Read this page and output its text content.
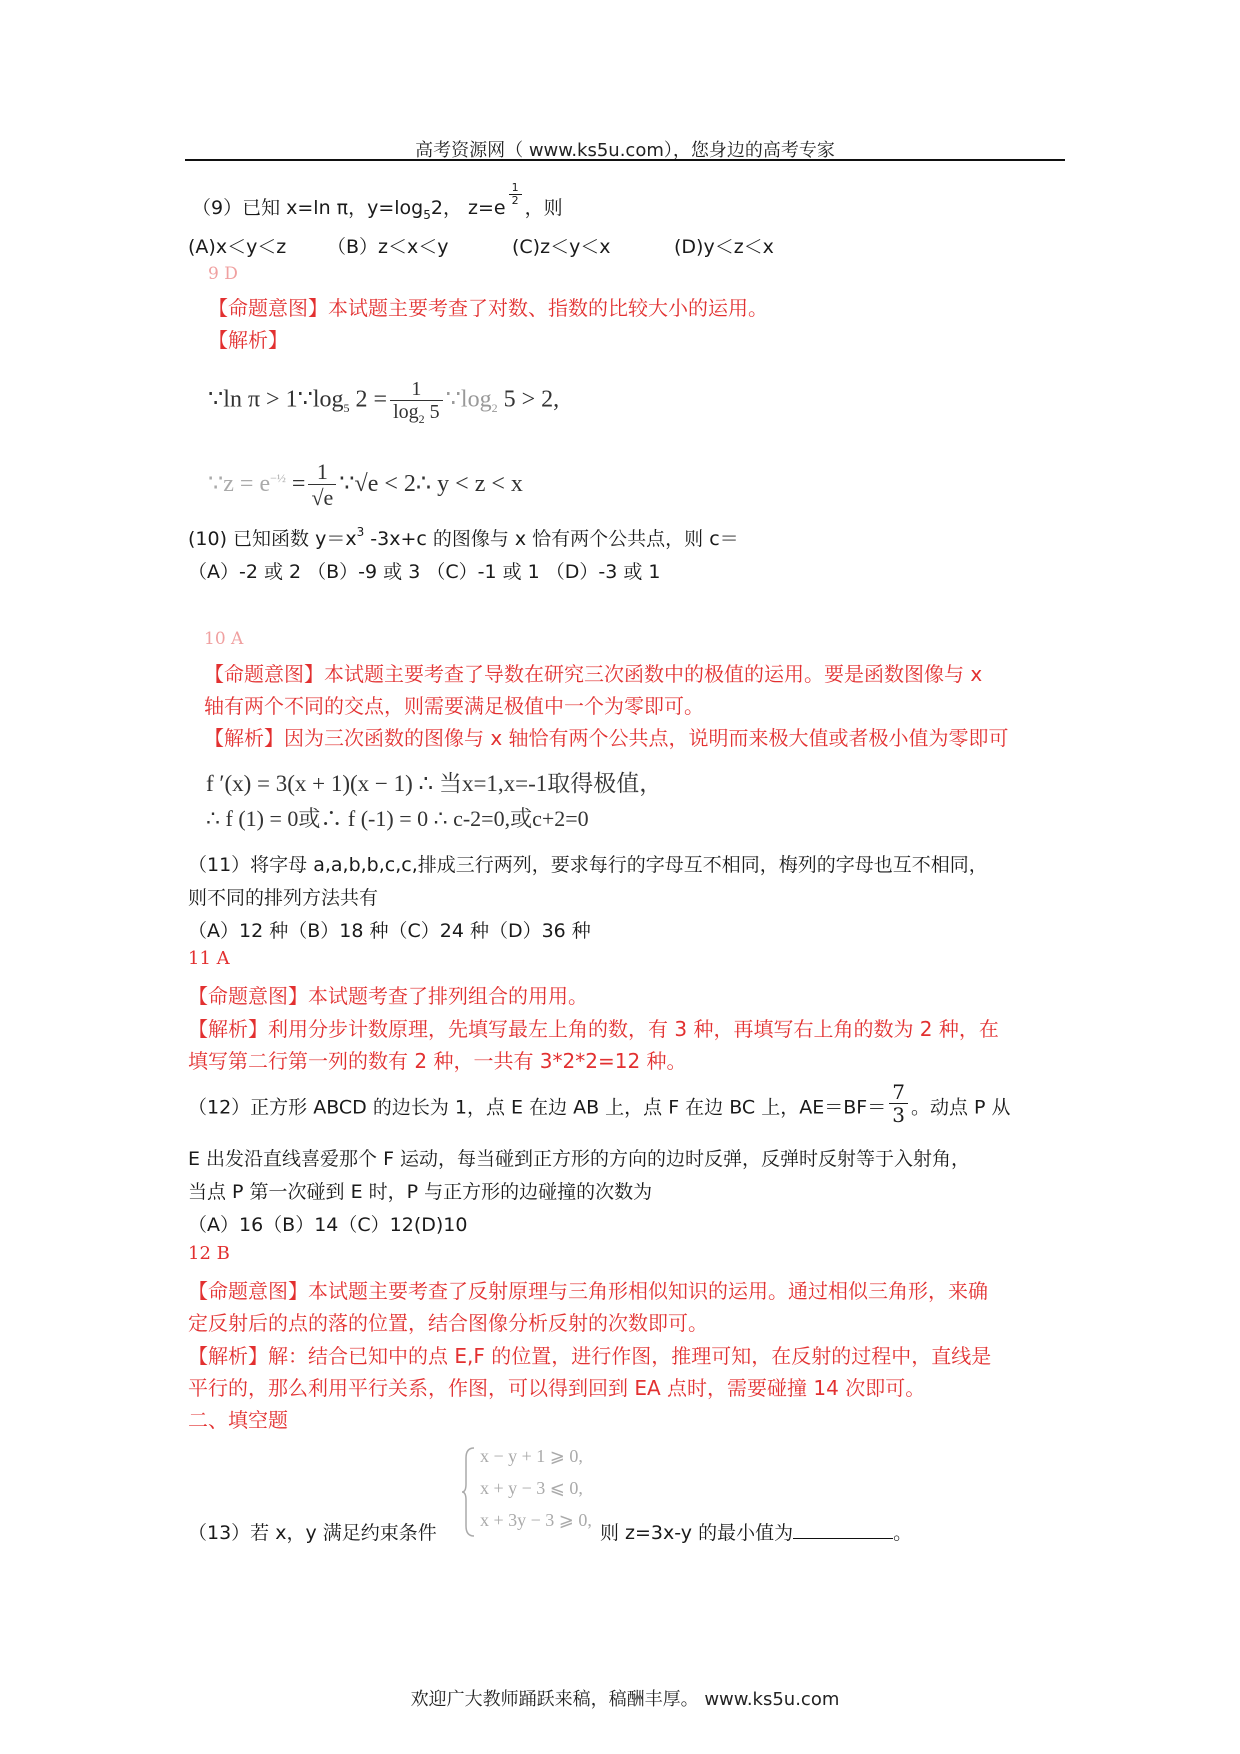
高考资源网（ www.ks5u.com），您身边的高考专家
（9）已知 x=ln π，$y=\log_52$， z=e
$\frac{1}{2}$
，则
(A)x＜y＜z （B）z＜x＜y	(C)z＜y＜x	(D)y＜z＜x
9 D
【命题意图】本试题主要考查了对数、指数的比较大小的运用。
【解析】
∵ln $\pi > 1\because\log_5$ $2 = \frac{1}{\log_2 5}$ $\because\log_2$ 5 > 2,
∵z = $e^{-\frac{1}{2}} = \frac{1}{√e}$ ∵√e < 2∴ y < z < x
(10) 已知函数 $y=x^3$ -3x+c 的图像与 x 恰有两个公共点，则 c＝
（A）-2 或 2 （B）-9 或 3 （C）-1 或 1 （D）-3 或 1
10 A
【命题意图】本试题主要考查了导数在研究三次函数中的极值的运用。要是函数图像与 x
轴有两个不同的交点，则需要满足极值中一个为零即可。
【解析】因为三次函数的图像与 x 轴恰有两个公共点，说明而来极大值或者极小值为零即可
f ′(x) = 3(x + 1)(x − 1) ∴ 当x=1,x=-1取得极值，
∴ f (1) = 0或∴ f (-1) = 0 ∴ c-2=0,或c+2=0
（11）将字母 a,a,b,b,c,c,排成三行两列，要求每行的字母互不相同，梅列的字母也互不相同，
则不同的排列方法共有
（A）12 种（B）18 种（C）24 种（D）36 种
11 A
【命题意图】本试题考查了排列组合的用用。
【解析】利用分步计数原理，先填写最左上角的数，有 3 种，再填写右上角的数为 2 种，在
填写第二行第一列的数有 2 种，一共有 3*2*2=12 种。
（12）正方形 ABCD 的边长为 1，点 E 在边 AB 上，点 F 在边 BC 上，$AE=BF= \frac{7}{3}$ 。动点 P 从
E 出发沿直线喜爱那个 F 运动，每当碰到正方形的方向的边时反弹，反弹时反射等于入射角，
当点 P 第一次碰到 E 时，P 与正方形的边碰撞的次数为
（A）16（B）14（C）12(D)10
12 B
【命题意图】本试题主要考查了反射原理与三角形相似知识的运用。通过相似三角形，来确
定反射后的点的落的位置，结合图像分析反射的次数即可。
【解析】解：结合已知中的点 E,F 的位置，进行作图，推理可知，在反射的过程中，直线是
平行的，那么利用平行关系，作图，可以得到回到 EA 点时，需要碰撞 14 次即可。
二、填空题
x − y + 1 ⩾ 0,
x + y − 3 ⩽ 0,
x + 3y − 3 ⩾ 0,
（13）若 x，y 满足约束条件	则 z=3x-y 的最小值为	。
欢迎广大教师踊跃来稿，稿酬丰厚。 www.ks5u.com
